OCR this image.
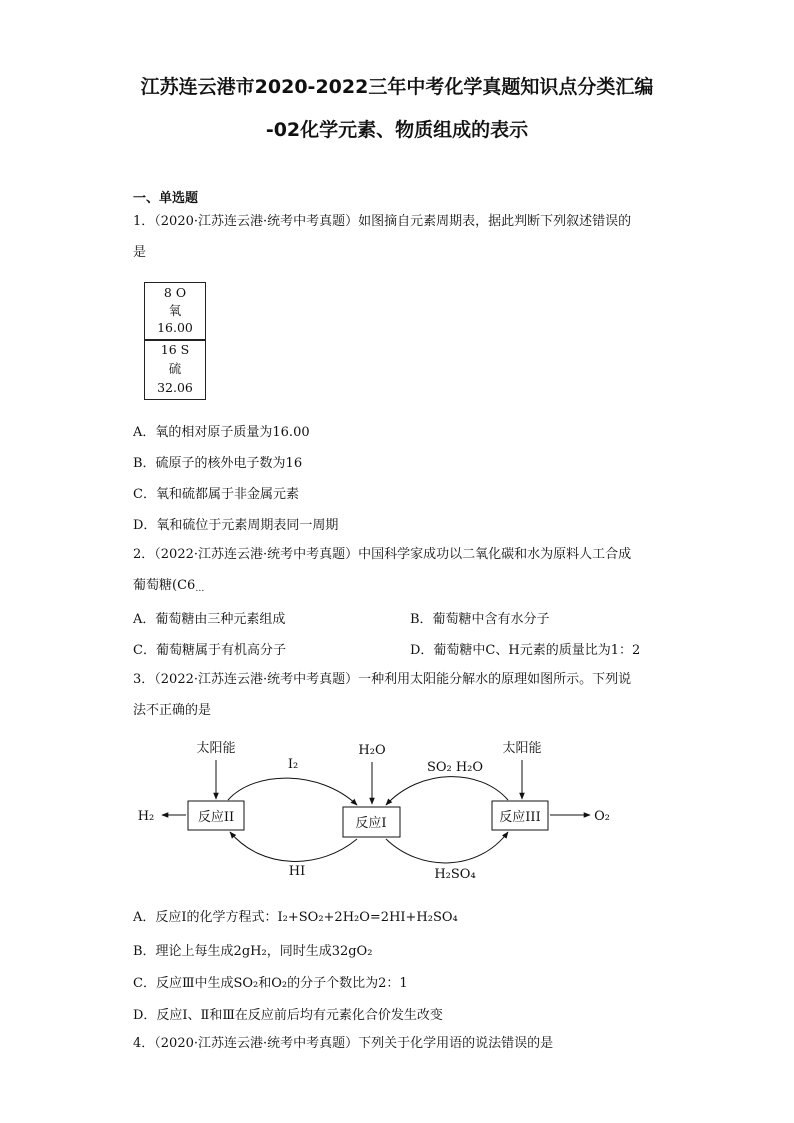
江苏连云港市2020-2022三年中考化学真题知识点分类汇编
-02化学元素、物质组成的表示
一、单选题
1．（2020·江苏连云港·统考中考真题）如图摘自元素周期表，据此判断下列叙述错误的
是
8 O
氧
16.00
16 S
硫
32.06
A．氧的相对原子质量为16.00
B．硫原子的核外电子数为16
C．氧和硫都属于非金属元素
D．氧和硫位于元素周期表同一周期
2．（2022·江苏连云港·统考中考真题）中国科学家成功以二氧化碳和水为原料人工合成
葡萄糖($C6_\dots$
A．葡萄糖由三种元素组成	B．葡萄糖中含有水分子
C．葡萄糖属于有机高分子	D．葡萄糖中C、H元素的质量比为1：2
3．（2022·江苏连云港·统考中考真题）一种利用太阳能分解水的原理如图所示。下列说
法不正确的是
反应II	反应I	反应III
太阳能	太阳能
H₂O
H₂	O₂
I₂	SO₂ H₂O
HI	H₂SO₄
A．反应Ⅰ的化学方程式：I₂+SO₂+2H₂O=2HI+H₂SO₄
B．理论上每生成2gH₂，同时生成32gO₂
C．反应Ⅲ中生成SO₂和O₂的分子个数比为2：1
D．反应Ⅰ、Ⅱ和Ⅲ在反应前后均有元素化合价发生改变
4．（2020·江苏连云港·统考中考真题）下列关于化学用语的说法错误的是
